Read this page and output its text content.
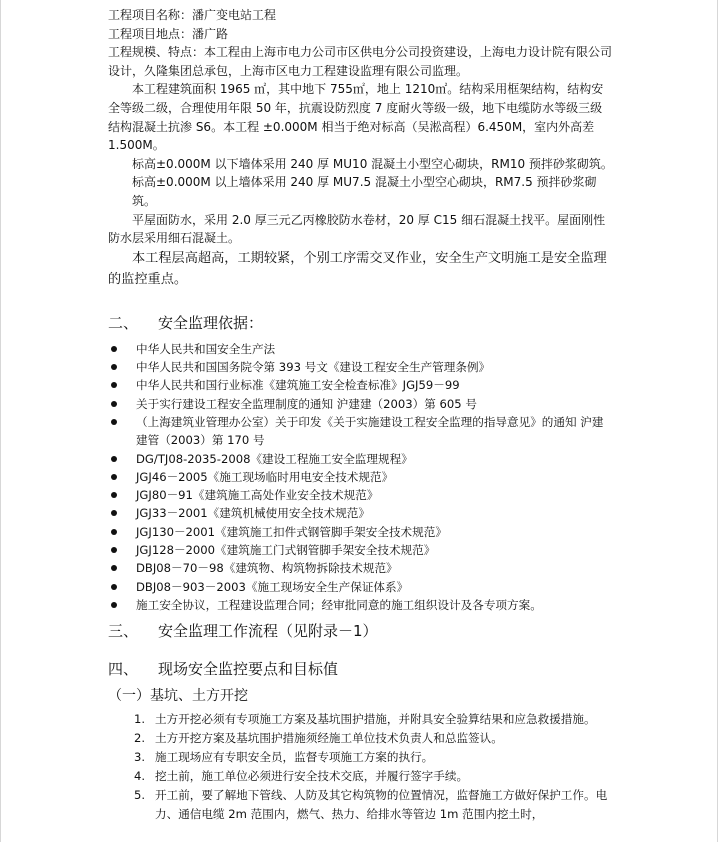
工程项目名称：潘广变电站工程

工程项目地点：潘广路

工程规模、特点：本工程由上海市电力公司市区供电分公司投资建设，上海电力设计院有限公司设计，久隆集团总承包，上海市区电力工程建设监理有限公司监理。

本工程建筑面积 1965 ㎡，其中地下 755㎡，地上 1210㎡。结构采用框架结构，结构安全等级二级，合理使用年限 50 年，抗震设防烈度 7 度耐火等级一级，地下电缆防水等级三级结构混凝土抗渗 S6。本工程 ±0.000M 相当于绝对标高（吴淞高程）6.450M，室内外高差 1.500M。

标高±0.000M 以下墙体采用 240 厚 MU10 混凝土小型空心砌块，RM10 预拌砂浆砌筑。

标高±0.000M 以上墙体采用 240 厚 MU7.5 混凝土小型空心砌块，RM7.5 预拌砂浆砌筑。

平屋面防水，采用 2.0 厚三元乙丙橡胶防水卷材，20 厚 C15 细石混凝土找平。屋面刚性防水层采用细石混凝土。

本工程层高超高，工期较紧，个别工序需交叉作业，安全生产文明施工是安全监理的监控重点。

二、	安全监理依据：

中华人民共和国安全生产法
中华人民共和国国务院令第 393 号文《建设工程安全生产管理条例》
中华人民共和国行业标准《建筑施工安全检查标准》JGJ59－99
关于实行建设工程安全监理制度的通知 沪建建（2003）第 605 号
（上海建筑业管理办公室）关于印发《关于实施建设工程安全监理的指导意见》的通知 沪建建管（2003）第 170 号
DG/TJ08-2035-2008《建设工程施工安全监理规程》
JGJ46－2005《施工现场临时用电安全技术规范》
JGJ80－91《建筑施工高处作业安全技术规范》
JGJ33－2001《建筑机械使用安全技术规范》
JGJ130－2001《建筑施工扣件式钢管脚手架安全技术规范》
JGJ128－2000《建筑施工门式钢管脚手架安全技术规范》
DBJ08－70－98《建筑物、构筑物拆除技术规范》
DBJ08－903－2003《施工现场安全生产保证体系》
施工安全协议，工程建设监理合同；经审批同意的施工组织设计及各专项方案。

三、	安全监理工作流程（见附录－1）

四、	现场安全监控要点和目标值

（一）基坑、土方开挖

1. 土方开挖必须有专项施工方案及基坑围护措施，并附具安全验算结果和应急救援措施。
2. 土方开挖方案及基坑围护措施须经施工单位技术负责人和总监签认。
3. 施工现场应有专职安全员，监督专项施工方案的执行。
4. 挖土前，施工单位必须进行安全技术交底，并履行签字手续。
5. 开工前，要了解地下管线、人防及其它构筑物的位置情况，监督施工方做好保护工作。电力、通信电缆 2m 范围内，燃气、热力、给排水等管边 1m 范围内挖土时，
